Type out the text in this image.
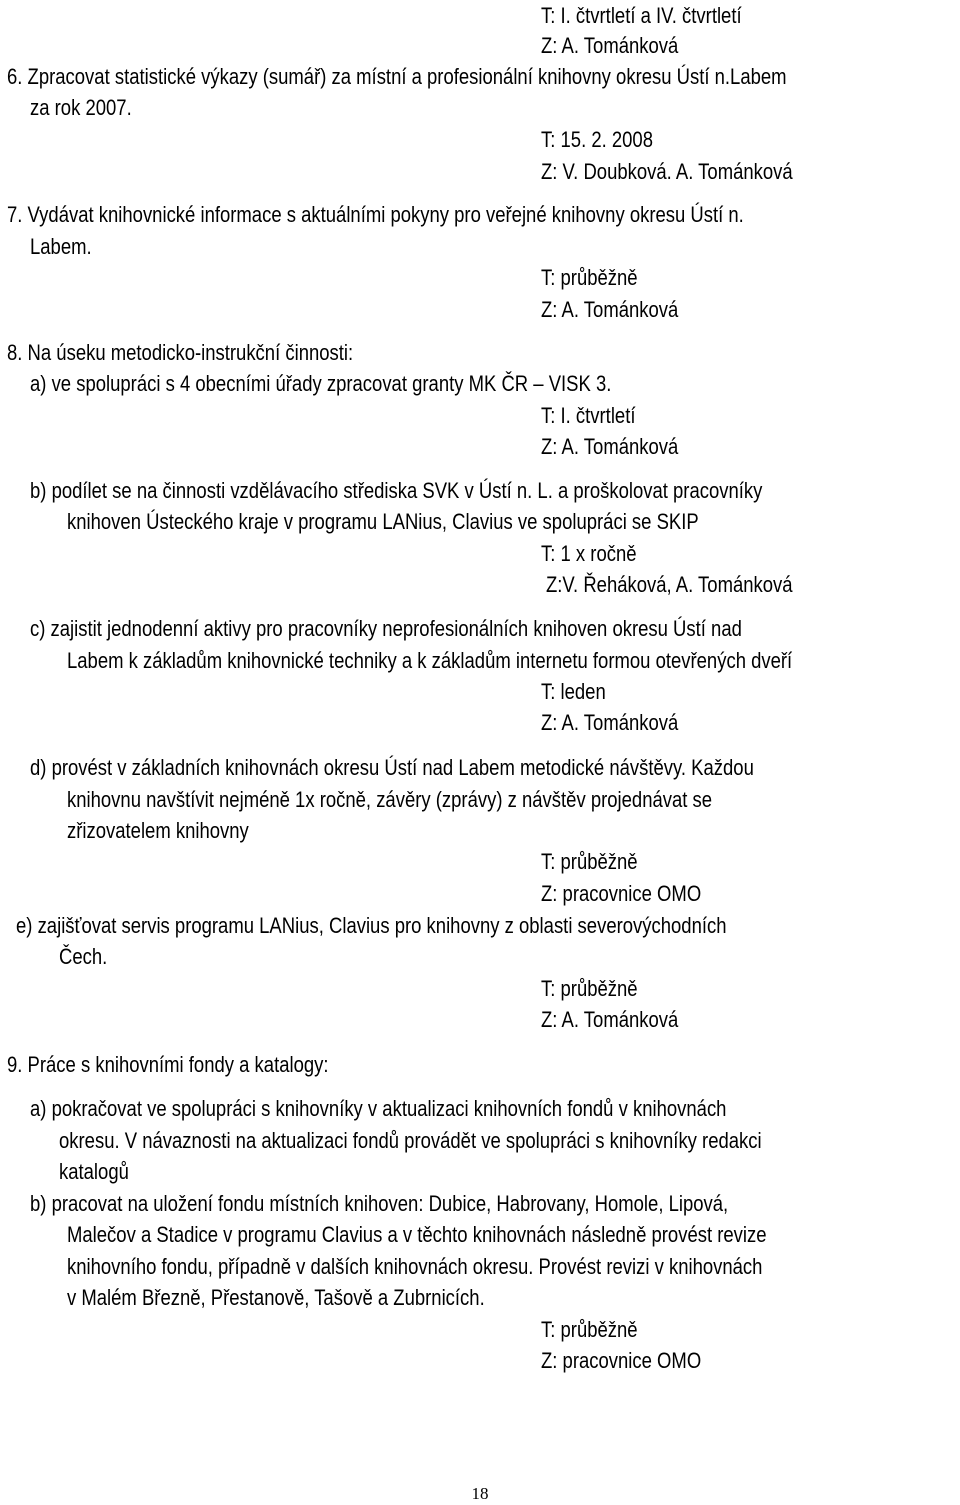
T: I. čtvrtletí a IV. čtvrtletí
Z: A. Tománková
6. Zpracovat statistické výkazy (sumář) za místní a profesionální knihovny okresu Ústí n.Labem
za rok 2007.
T: 15. 2. 2008
Z: V. Doubková. A. Tománková
7. Vydávat knihovnické informace s aktuálními pokyny pro veřejné knihovny okresu Ústí n.
Labem.
T: průběžně
Z: A. Tománková
8. Na úseku metodicko-instrukční činnosti:
a) ve spolupráci s 4 obecními úřady zpracovat granty MK ČR – VISK 3.
T: I. čtvrtletí
Z: A. Tománková
b) podílet se na činnosti vzdělávacího střediska SVK v Ústí n. L. a proškolovat pracovníky
knihoven Ústeckého kraje v programu LANius, Clavius ve spolupráci se SKIP
T: 1 x ročně
Z:V. Řeháková, A. Tománková
c) zajistit jednodenní aktivy pro pracovníky neprofesionálních knihoven okresu Ústí nad
Labem k základům knihovnické techniky a k základům internetu formou otevřených dveří
T: leden
Z: A. Tománková
d) provést v základních knihovnách okresu Ústí nad Labem metodické návštěvy. Každou
knihovnu navštívit nejméně 1x ročně, závěry (zprávy) z návštěv projednávat se
zřizovatelem knihovny
T: průběžně
Z: pracovnice OMO
e) zajišťovat servis programu LANius, Clavius pro knihovny z oblasti severovýchodních
Čech.
T: průběžně
Z: A. Tománková
9. Práce s knihovními fondy a katalogy:
a) pokračovat ve spolupráci s knihovníky v aktualizaci knihovních fondů v knihovnách
okresu. V návaznosti na aktualizaci fondů provádět ve spolupráci s knihovníky redakci
katalogů
b) pracovat na uložení fondu místních knihoven: Dubice, Habrovany, Homole, Lipová,
Malečov a Stadice v programu Clavius a v těchto knihovnách následně provést revize
knihovního fondu, případně v dalších knihovnách okresu. Provést revizi v knihovnách
v Malém Březně, Přestanově, Tašově a Zubrnicích.
T: průběžně
Z: pracovnice OMO
18
